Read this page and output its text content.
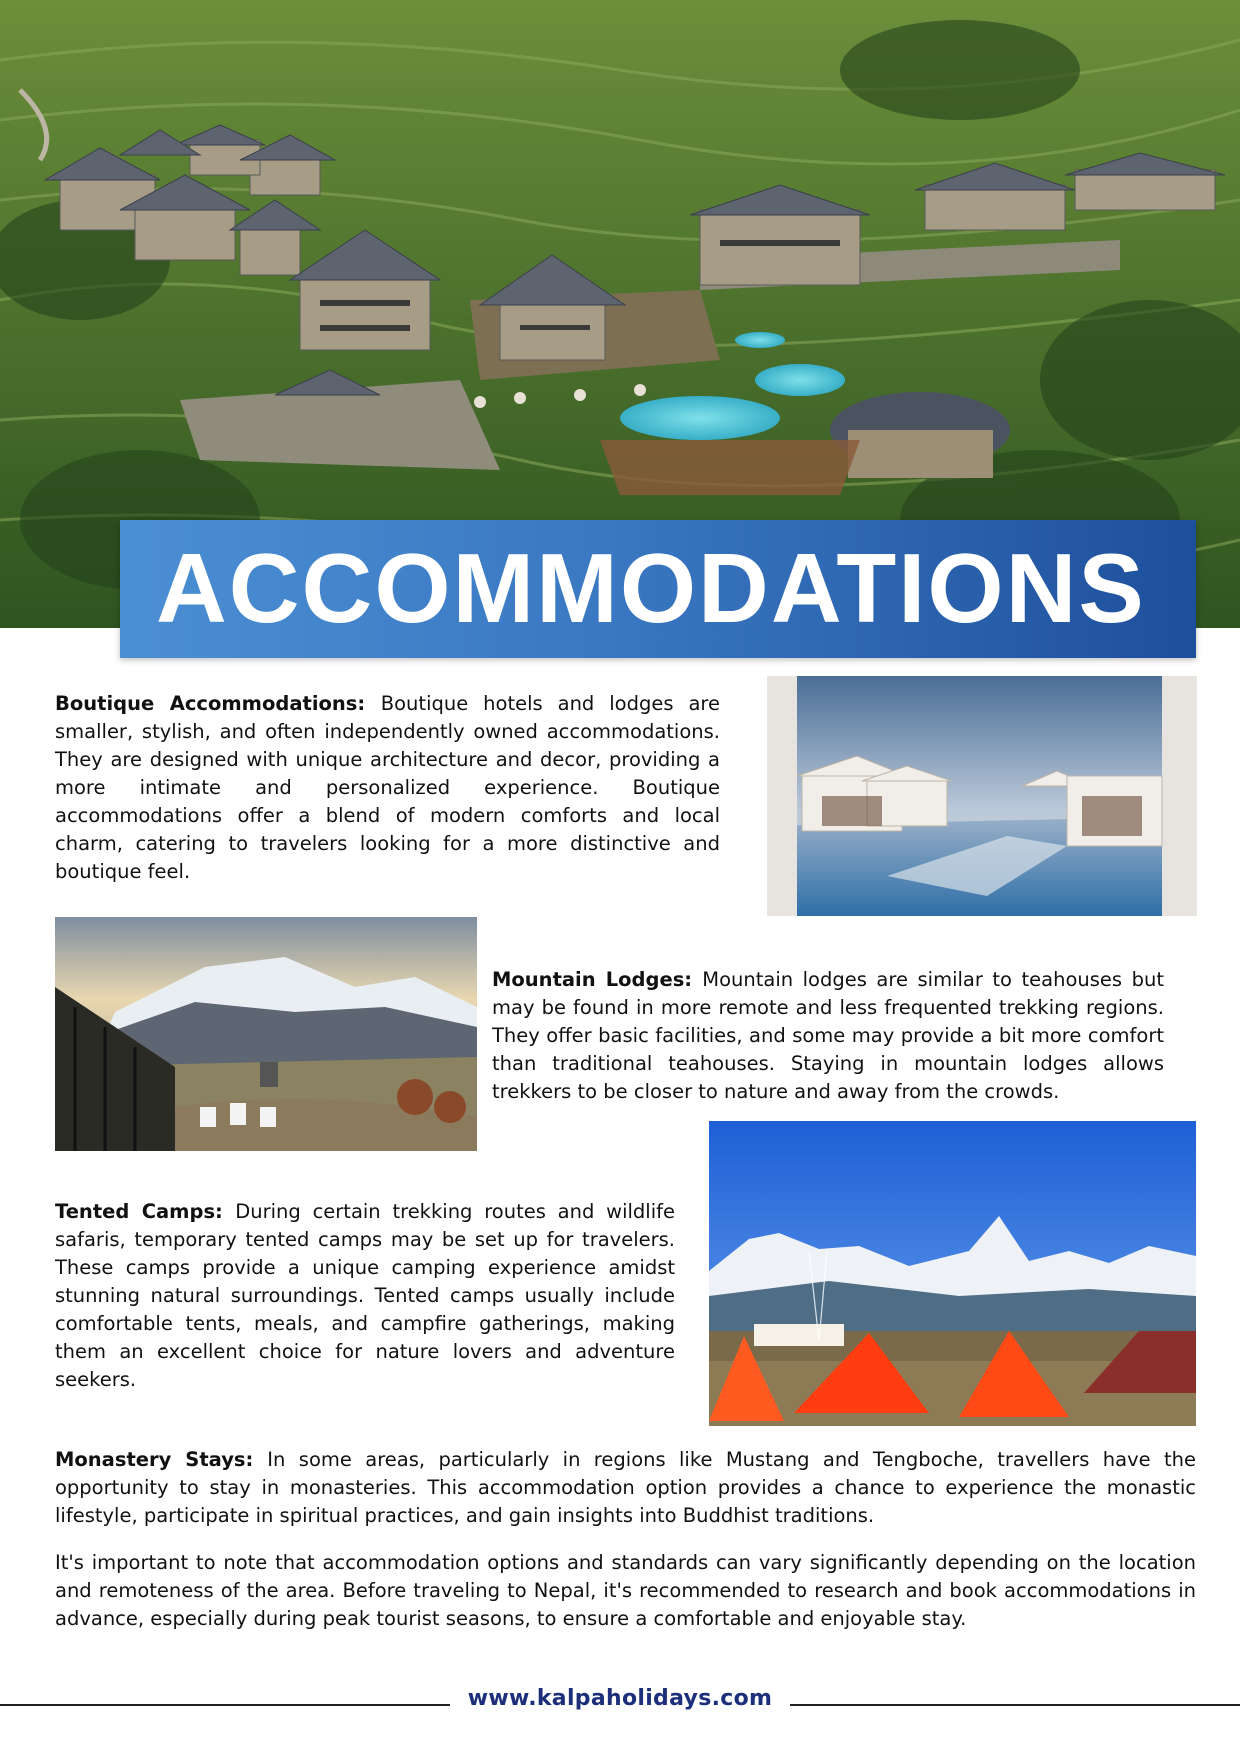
ACCOMMODATIONS
Boutique Accommodations: Boutique hotels and lodges are smaller, stylish, and often independently owned accommodations. They are designed with unique architecture and decor, providing a more intimate and personalized experience. Boutique accommodations offer a blend of modern comforts and local charm, catering to travelers looking for a more distinctive and boutique feel.
Mountain Lodges: Mountain lodges are similar to teahouses but may be found in more remote and less frequented trekking regions. They offer basic facilities, and some may provide a bit more comfort than traditional teahouses. Staying in mountain lodges allows trekkers to be closer to nature and away from the crowds.
Tented Camps: During certain trekking routes and wildlife safaris, temporary tented camps may be set up for travelers. These camps provide a unique camping experience amidst stunning natural surroundings. Tented camps usually include comfortable tents, meals, and campfire gatherings, making them an excellent choice for nature lovers and adventure seekers.
Monastery Stays: In some areas, particularly in regions like Mustang and Tengboche, travellers have the opportunity to stay in monasteries. This accommodation option provides a chance to experience the monastic lifestyle, participate in spiritual practices, and gain insights into Buddhist traditions.
It's important to note that accommodation options and standards can vary significantly depending on the location and remoteness of the area. Before traveling to Nepal, it's recommended to research and book accommodations in advance, especially during peak tourist seasons, to ensure a comfortable and enjoyable stay.
www.kalpaholidays.com
